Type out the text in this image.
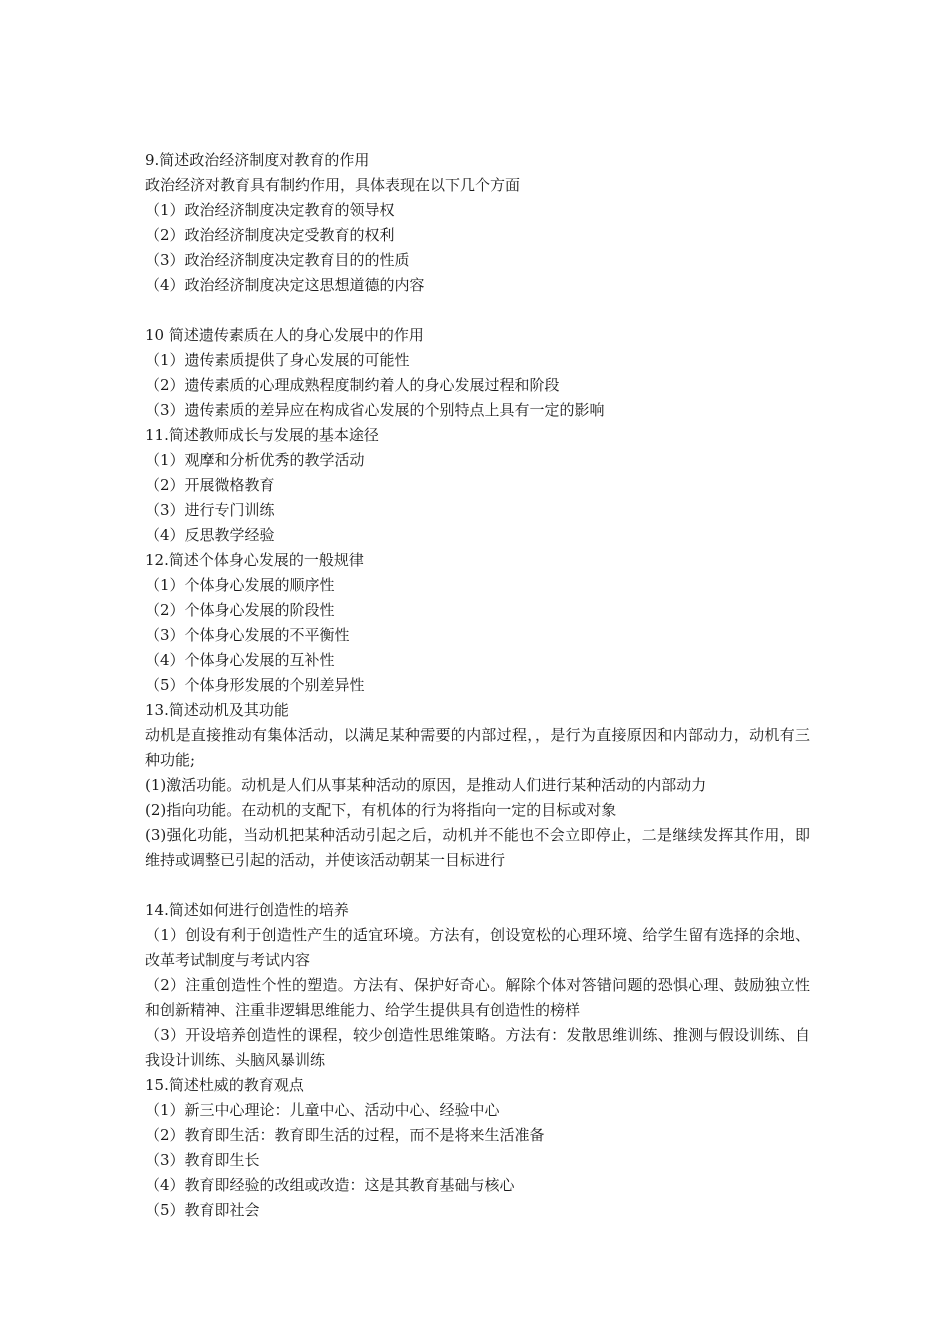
9.简述政治经济制度对教育的作用
政治经济对教育具有制约作用，具体表现在以下几个方面
（1）政治经济制度决定教育的领导权
（2）政治经济制度决定受教育的权利
（3）政治经济制度决定教育目的的性质
（4）政治经济制度决定这思想道德的内容
10 简述遗传素质在人的身心发展中的作用
（1）遗传素质提供了身心发展的可能性
（2）遗传素质的心理成熟程度制约着人的身心发展过程和阶段
（3）遗传素质的差异应在构成省心发展的个别特点上具有一定的影响
11.简述教师成长与发展的基本途径
（1）观摩和分析优秀的教学活动
（2）开展微格教育
（3）进行专门训练
（4）反思教学经验
12.简述个体身心发展的一般规律
（1）个体身心发展的顺序性
（2）个体身心发展的阶段性
（3）个体身心发展的不平衡性
（4）个体身心发展的互补性
（5）个体身形发展的个别差异性
13.简述动机及其功能
动机是直接推动有集体活动，以满足某种需要的内部过程，，是行为直接原因和内部动力，动机有三种功能;
(1)激活功能。动机是人们从事某种活动的原因，是推动人们进行某种活动的内部动力
(2)指向功能。在动机的支配下，有机体的行为将指向一定的目标或对象
(3)强化功能，当动机把某种活动引起之后，动机并不能也不会立即停止，二是继续发挥其作用，即维持或调整已引起的活动，并使该活动朝某一目标进行
14.简述如何进行创造性的培养
（1）创设有利于创造性产生的适宜环境。方法有，创设宽松的心理环境、给学生留有选择的余地、改革考试制度与考试内容
（2）注重创造性个性的塑造。方法有、保护好奇心。解除个体对答错问题的恐惧心理、鼓励独立性和创新精神、注重非逻辑思维能力、给学生提供具有创造性的榜样
（3）开设培养创造性的课程，较少创造性思维策略。方法有：发散思维训练、推测与假设训练、自我设计训练、头脑风暴训练
15.简述杜威的教育观点
（1）新三中心理论：儿童中心、活动中心、经验中心
（2）教育即生活：教育即生活的过程，而不是将来生活准备
（3）教育即生长
（4）教育即经验的改组或改造：这是其教育基础与核心
（5）教育即社会
